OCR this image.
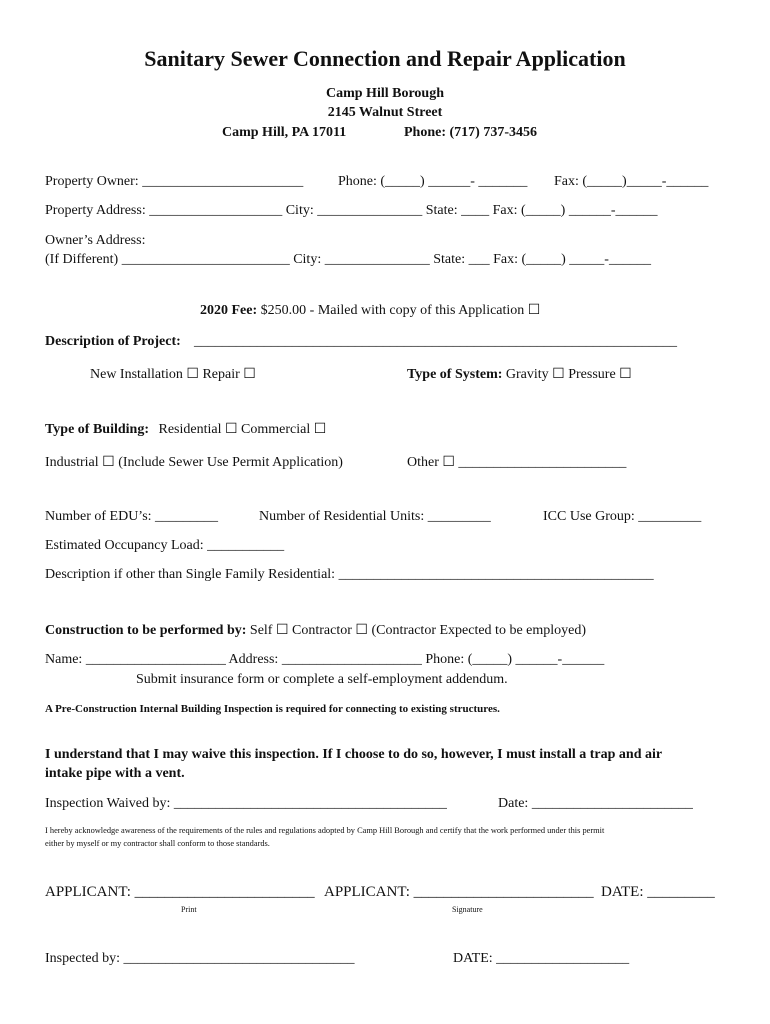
Sanitary Sewer Connection and Repair Application
Camp Hill Borough
2145 Walnut Street
Camp Hill, PA 17011	Phone: (717) 737-3456
Property Owner: _______________________ Phone: (_____) ______- _______ Fax: (_____)_____-______
Property Address: ___________________ City: _______________ State: ____ Fax: (_____) ______-______
Owner’s Address:
(If Different) ________________________ City: _______________ State: ___ Fax: (_____) _____-______
2020 Fee: $250.00 - Mailed with copy of this Application ☐
Description of Project: _____________________________________________________________________
New Installation ☐ Repair ☐	Type of System: Gravity ☐ Pressure ☐
Type of Building: Residential ☐ Commercial ☐
Industrial ☐ (Include Sewer Use Permit Application)	Other ☐ ________________________
Number of EDU’s: _________	Number of Residential Units: _________	ICC Use Group: _________
Estimated Occupancy Load: ___________
Description if other than Single Family Residential: _____________________________________________
Construction to be performed by: Self ☐ Contractor ☐ (Contractor Expected to be employed)
Name: ____________________ Address: ____________________ Phone: (_____) ______-______
Submit insurance form or complete a self-employment addendum.
A Pre-Construction Internal Building Inspection is required for connecting to existing structures.
I understand that I may waive this inspection. If I choose to do so, however, I must install a trap and air
intake pipe with a vent.
Inspection Waived by: _______________________________________	Date: _______________________
I hereby acknowledge awareness of the requirements of the rules and regulations adopted by Camp Hill Borough and certify that the work performed under this permit
either by myself or my contractor shall conform to those standards.
APPLICANT: ________________________ APPLICANT: ________________________ DATE: _________
Print	Signature
Inspected by: _________________________________	DATE: ___________________
